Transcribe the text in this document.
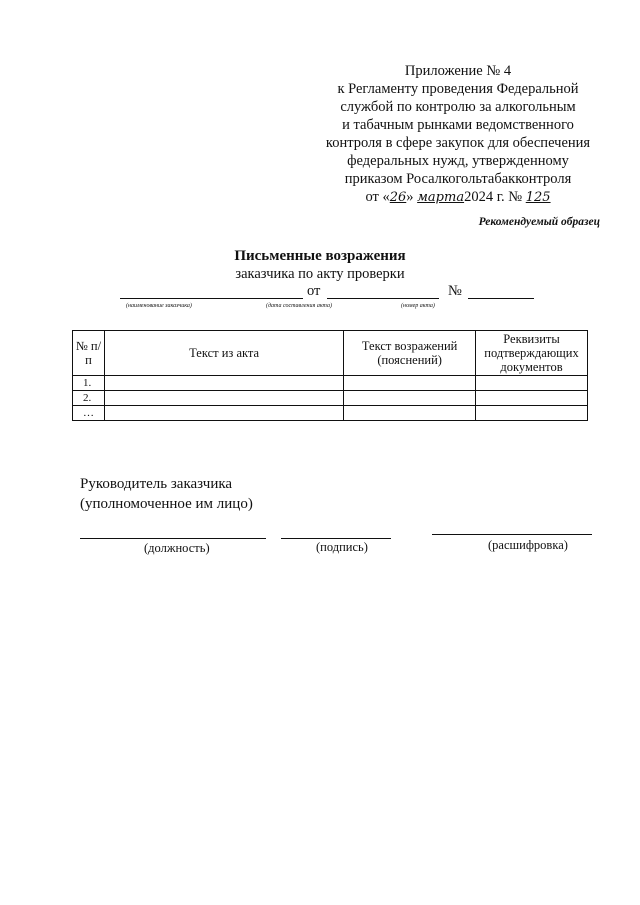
Приложение № 4
к Регламенту проведения Федеральной
службой по контролю за алкогольным
и табачным рынками ведомственного
контроля в сфере закупок для обеспечения
федеральных нужд, утвержденному
приказом Росалкогольтабакконтроля
от «26» марта2024 г. № 125
Рекомендуемый образец
Письменные возражения
заказчика по акту проверки
от	№
(наименование заказчика)	(дата составления акта)	(номер акта)
№ п/п	Текст из акта	Текст возражений (пояснений)	Реквизиты подтверждающих документов
1.			
2.			
…			
Руководитель заказчика
(уполномоченное им лицо)
(должность)	(подпись)	(расшифровка)
